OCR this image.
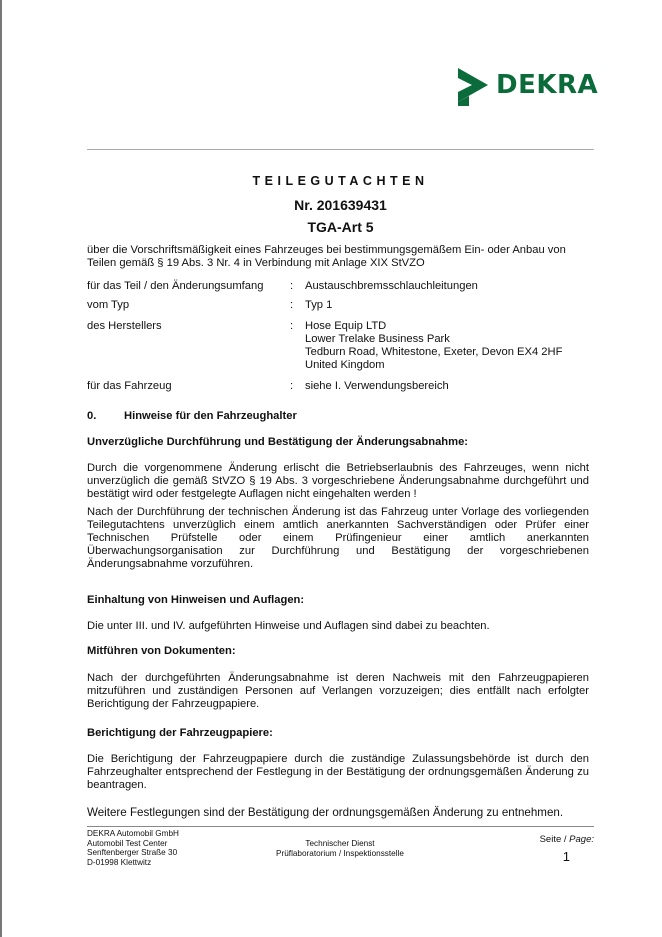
DEKRA
TEILEGUTACHTEN
Nr. 201639431
TGA-Art 5
über die Vorschriftsmäßigkeit eines Fahrzeuges bei bestimmungsgemäßem Ein- oder Anbau von Teilen gemäß § 19 Abs. 3 Nr. 4 in Verbindung mit Anlage XIX StVZO
für das Teil / den Änderungsumfang : Austauschbremsschlauchleitungen
vom Typ	: Typ 1
des Herstellers	: Hose Equip LTD
Lower Trelake Business Park
Tedburn Road, Whitestone, Exeter, Devon EX4 2HF
United Kingdom
für das Fahrzeug	: siehe I. Verwendungsbereich
0. Hinweise für den Fahrzeughalter
Unverzügliche Durchführung und Bestätigung der Änderungsabnahme:
Durch die vorgenommene Änderung erlischt die Betriebserlaubnis des Fahrzeuges, wenn nicht unverzüglich die gemäß StVZO § 19 Abs. 3 vorgeschriebene Änderungsabnahme durchgeführt und bestätigt wird oder festgelegte Auflagen nicht eingehalten werden !
Nach der Durchführung der technischen Änderung ist das Fahrzeug unter Vorlage des vorliegenden Teilegutachtens unverzüglich einem amtlich anerkannten Sachverständigen oder Prüfer einer Technischen Prüfstelle oder einem Prüfingenieur einer amtlich anerkannten Überwachungsorganisation zur Durchführung und Bestätigung der vorgeschriebenen Änderungsabnahme vorzuführen.
Einhaltung von Hinweisen und Auflagen:
Die unter III. und IV. aufgeführten Hinweise und Auflagen sind dabei zu beachten.
Mitführen von Dokumenten:
Nach der durchgeführten Änderungsabnahme ist deren Nachweis mit den Fahrzeugpapieren mitzuführen und zuständigen Personen auf Verlangen vorzuzeigen; dies entfällt nach erfolgter Berichtigung der Fahrzeugpapiere.
Berichtigung der Fahrzeugpapiere:
Die Berichtigung der Fahrzeugpapiere durch die zuständige Zulassungsbehörde ist durch den Fahrzeughalter entsprechend der Festlegung in der Bestätigung der ordnungsgemäßen Änderung zu beantragen.
Weitere Festlegungen sind der Bestätigung der ordnungsgemäßen Änderung zu entnehmen.
DEKRA Automobil GmbH
Automobil Test Center
Senftenberger Straße 30
D-01998 Klettwitz
Technischer Dienst
Prüflaboratorium / Inspektionsstelle
Seite / Page:
1
